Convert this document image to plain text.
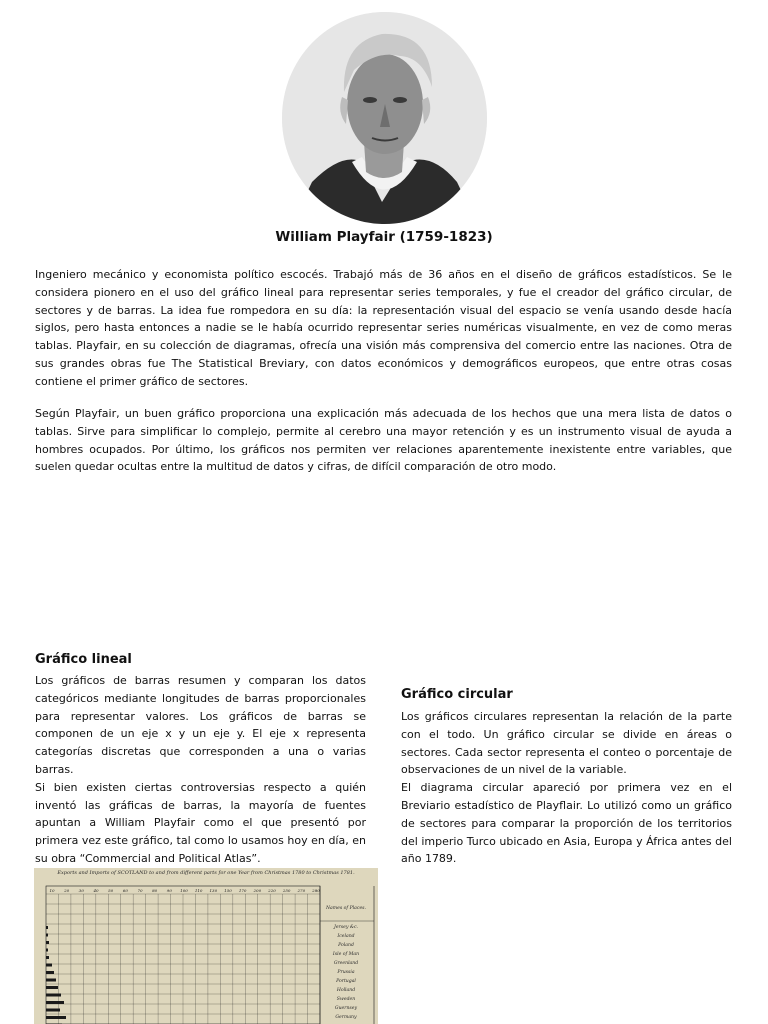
William Playfair (1759-1823)

Ingeniero mecánico y economista político escocés. Trabajó más de 36 años en el diseño de gráficos estadísticos. Se le considera pionero en el uso del gráfico lineal para representar series temporales, y fue el creador del gráfico circular, de sectores y de barras. La idea fue rompedora en su día: la representación visual del espacio se venía usando desde hacía siglos, pero hasta entonces a nadie se le había ocurrido representar series numéricas visualmente, en vez de como meras tablas. Playfair, en su colección de diagramas, ofrecía una visión más comprensiva del comercio entre las naciones. Otra de sus grandes obras fue The Statistical Breviary, con datos económicos y demográficos europeos, que entre otras cosas contiene el primer gráfico de sectores.

Según Playfair, un buen gráfico proporciona una explicación más adecuada de los hechos que una mera lista de datos o tablas. Sirve para simplificar lo complejo, permite al cerebro una mayor retención y es un instrumento visual de ayuda a hombres ocupados. Por último, los gráficos nos permiten ver relaciones aparentemente inexistente entre variables, que suelen quedar ocultas entre la multitud de datos y cifras, de difícil comparación de otro modo.

Gráfico lineal

Los gráficos de barras resumen y comparan los datos categóricos mediante longitudes de barras proporcionales para representar valores. Los gráficos de barras se componen de un eje x y un eje y. El eje x representa categorías discretas que corresponden a una o varias barras.

Si bien existen ciertas controversias respecto a quién inventó las gráficas de barras, la mayoría de fuentes apuntan a William Playfair como el que presentó por primera vez este gráfico, tal como lo usamos hoy en día, en su obra “Commercial and Political Atlas”.

Gráfico circular

Los gráficos circulares representan la relación de la parte con el todo. Un gráfico circular se divide en áreas o sectores. Cada sector representa el conteo o porcentaje de observaciones de un nivel de la variable.

El diagrama circular apareció por primera vez en el Breviario estadístico de Playflair. Lo utilizó como un gráfico de sectores para comparar la proporción de los territorios del imperio Turco ubicado en Asia, Europa y África antes del año 1789.

Exports and Imports of SCOTLAND to and from different parts for one Year from Christmas 1780 to Christmas 1781.
10 20 30 40 50 60 70 80 90 100 110 130 150 170 200 220 250 270 280
Names of Places.
Jersey &c.
Iceland
Poland
Isle of Man
Greenland
Prussia
Portugal
Holland
Sweden
Guernsey
Germany
